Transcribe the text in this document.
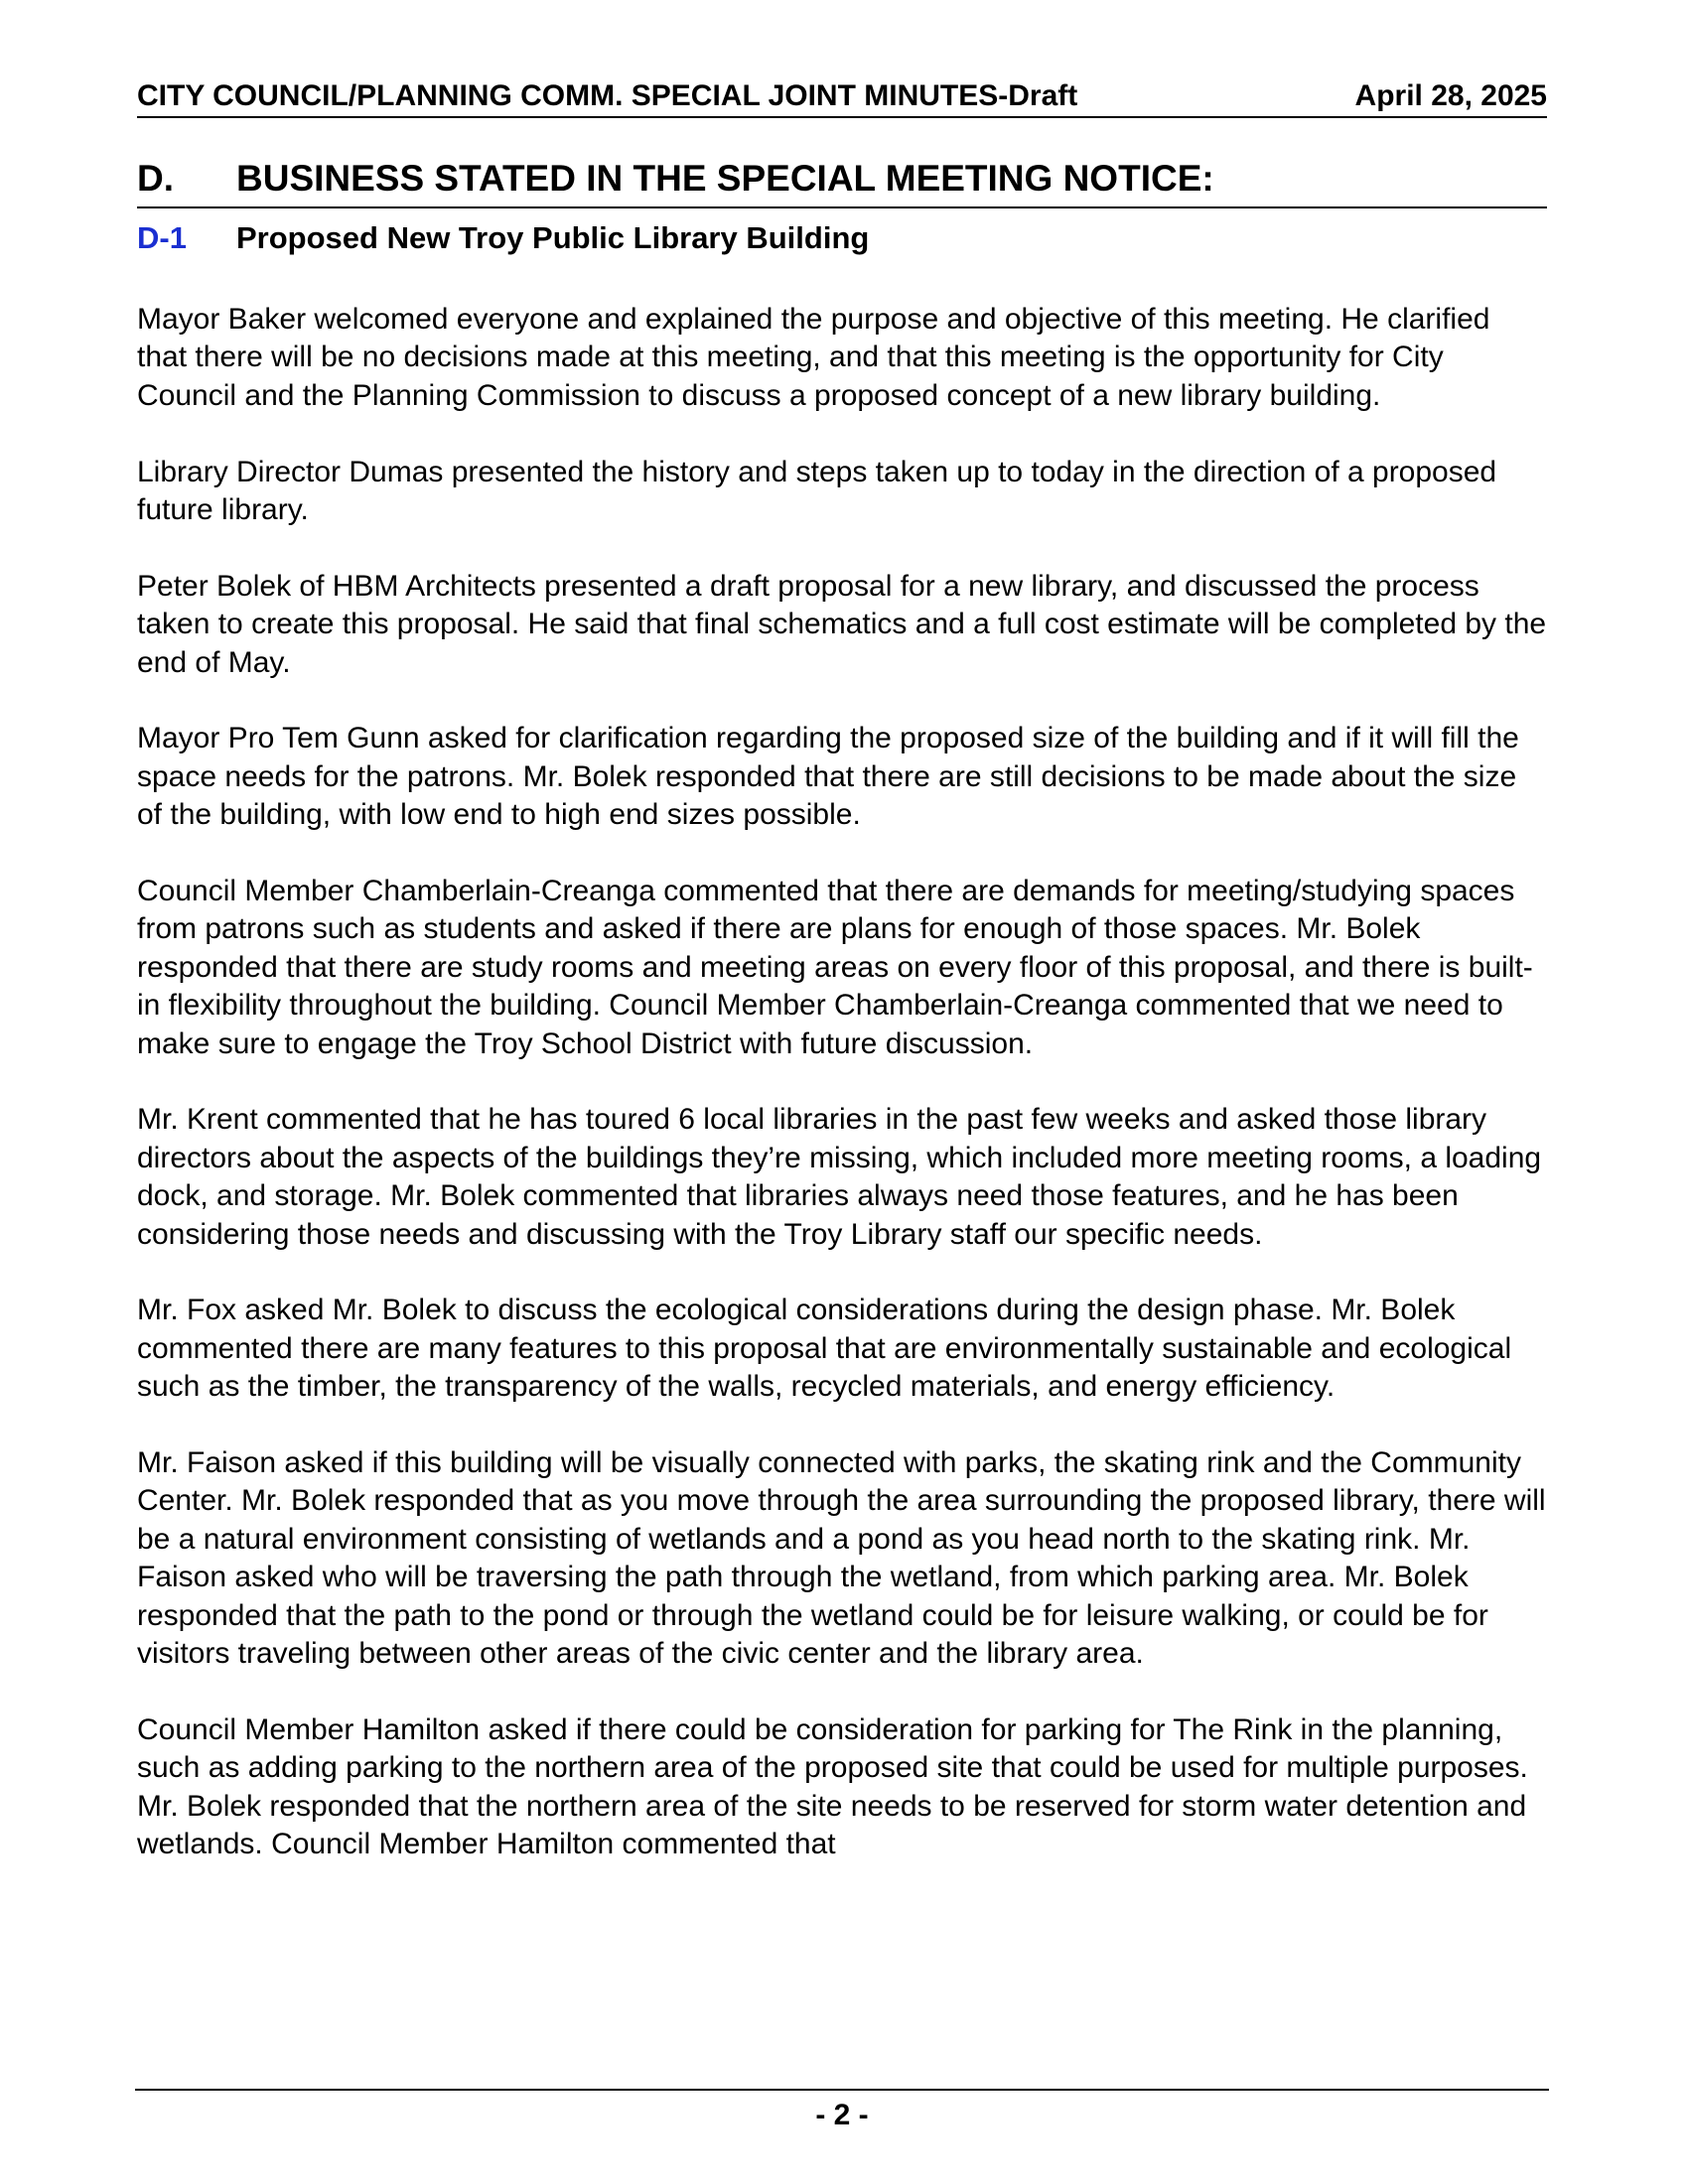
CITY COUNCIL/PLANNING COMM. SPECIAL JOINT MINUTES-Draft	April 28, 2025
D. BUSINESS STATED IN THE SPECIAL MEETING NOTICE:
D-1 Proposed New Troy Public Library Building

Mayor Baker welcomed everyone and explained the purpose and objective of this meeting. He clarified that there will be no decisions made at this meeting, and that this meeting is the opportunity for City Council and the Planning Commission to discuss a proposed concept of a new library building.

Library Director Dumas presented the history and steps taken up to today in the direction of a proposed future library.

Peter Bolek of HBM Architects presented a draft proposal for a new library, and discussed the process taken to create this proposal. He said that final schematics and a full cost estimate will be completed by the end of May.

Mayor Pro Tem Gunn asked for clarification regarding the proposed size of the building and if it will fill the space needs for the patrons. Mr. Bolek responded that there are still decisions to be made about the size of the building, with low end to high end sizes possible.

Council Member Chamberlain-Creanga commented that there are demands for meeting/studying spaces from patrons such as students and asked if there are plans for enough of those spaces. Mr. Bolek responded that there are study rooms and meeting areas on every floor of this proposal, and there is built-in flexibility throughout the building. Council Member Chamberlain-Creanga commented that we need to make sure to engage the Troy School District with future discussion.

Mr. Krent commented that he has toured 6 local libraries in the past few weeks and asked those library directors about the aspects of the buildings they’re missing, which included more meeting rooms, a loading dock, and storage. Mr. Bolek commented that libraries always need those features, and he has been considering those needs and discussing with the Troy Library staff our specific needs.

Mr. Fox asked Mr. Bolek to discuss the ecological considerations during the design phase. Mr. Bolek commented there are many features to this proposal that are environmentally sustainable and ecological such as the timber, the transparency of the walls, recycled materials, and energy efficiency.

Mr. Faison asked if this building will be visually connected with parks, the skating rink and the Community Center. Mr. Bolek responded that as you move through the area surrounding the proposed library, there will be a natural environment consisting of wetlands and a pond as you head north to the skating rink. Mr. Faison asked who will be traversing the path through the wetland, from which parking area. Mr. Bolek responded that the path to the pond or through the wetland could be for leisure walking, or could be for visitors traveling between other areas of the civic center and the library area.

Council Member Hamilton asked if there could be consideration for parking for The Rink in the planning, such as adding parking to the northern area of the proposed site that could be used for multiple purposes. Mr. Bolek responded that the northern area of the site needs to be reserved for storm water detention and wetlands. Council Member Hamilton commented that

- 2 -
